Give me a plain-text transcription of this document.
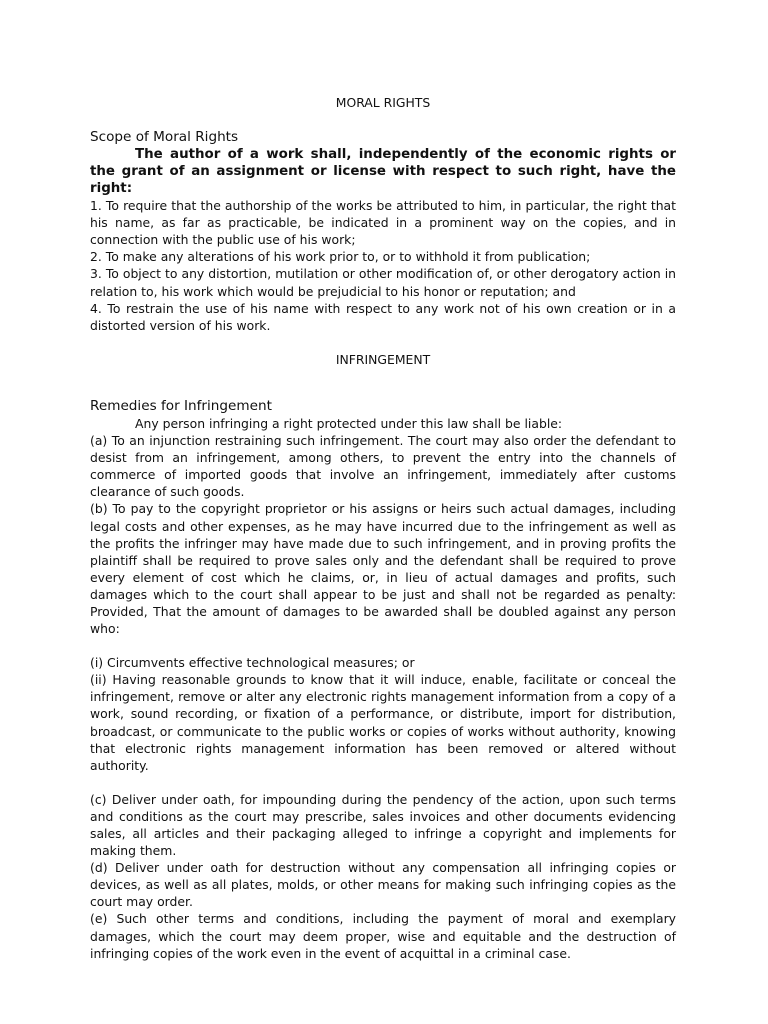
MORAL RIGHTS

Scope of Moral Rights

The author of a work shall, independently of the economic rights or the grant of an assignment or license with respect to such right, have the right:

1. To require that the authorship of the works be attributed to him, in particular, the right that his name, as far as practicable, be indicated in a prominent way on the copies, and in connection with the public use of his work;

2. To make any alterations of his work prior to, or to withhold it from publication;

3. To object to any distortion, mutilation or other modification of, or other derogatory action in relation to, his work which would be prejudicial to his honor or reputation; and

4. To restrain the use of his name with respect to any work not of his own creation or in a distorted version of his work.

INFRINGEMENT

Remedies for Infringement

Any person infringing a right protected under this law shall be liable:

(a) To an injunction restraining such infringement. The court may also order the defendant to desist from an infringement, among others, to prevent the entry into the channels of commerce of imported goods that involve an infringement, immediately after customs clearance of such goods.

(b) To pay to the copyright proprietor or his assigns or heirs such actual damages, including legal costs and other expenses, as he may have incurred due to the infringement as well as the profits the infringer may have made due to such infringement, and in proving profits the plaintiff shall be required to prove sales only and the defendant shall be required to prove every element of cost which he claims, or, in lieu of actual damages and profits, such damages which to the court shall appear to be just and shall not be regarded as penalty: Provided, That the amount of damages to be awarded shall be doubled against any person who:

(i) Circumvents effective technological measures; or

(ii) Having reasonable grounds to know that it will induce, enable, facilitate or conceal the infringement, remove or alter any electronic rights management information from a copy of a work, sound recording, or fixation of a performance, or distribute, import for distribution, broadcast, or communicate to the public works or copies of works without authority, knowing that electronic rights management information has been removed or altered without authority.

(c) Deliver under oath, for impounding during the pendency of the action, upon such terms and conditions as the court may prescribe, sales invoices and other documents evidencing sales, all articles and their packaging alleged to infringe a copyright and implements for making them.

(d) Deliver under oath for destruction without any compensation all infringing copies or devices, as well as all plates, molds, or other means for making such infringing copies as the court may order.

(e) Such other terms and conditions, including the payment of moral and exemplary damages, which the court may deem proper, wise and equitable and the destruction of infringing copies of the work even in the event of acquittal in a criminal case.
